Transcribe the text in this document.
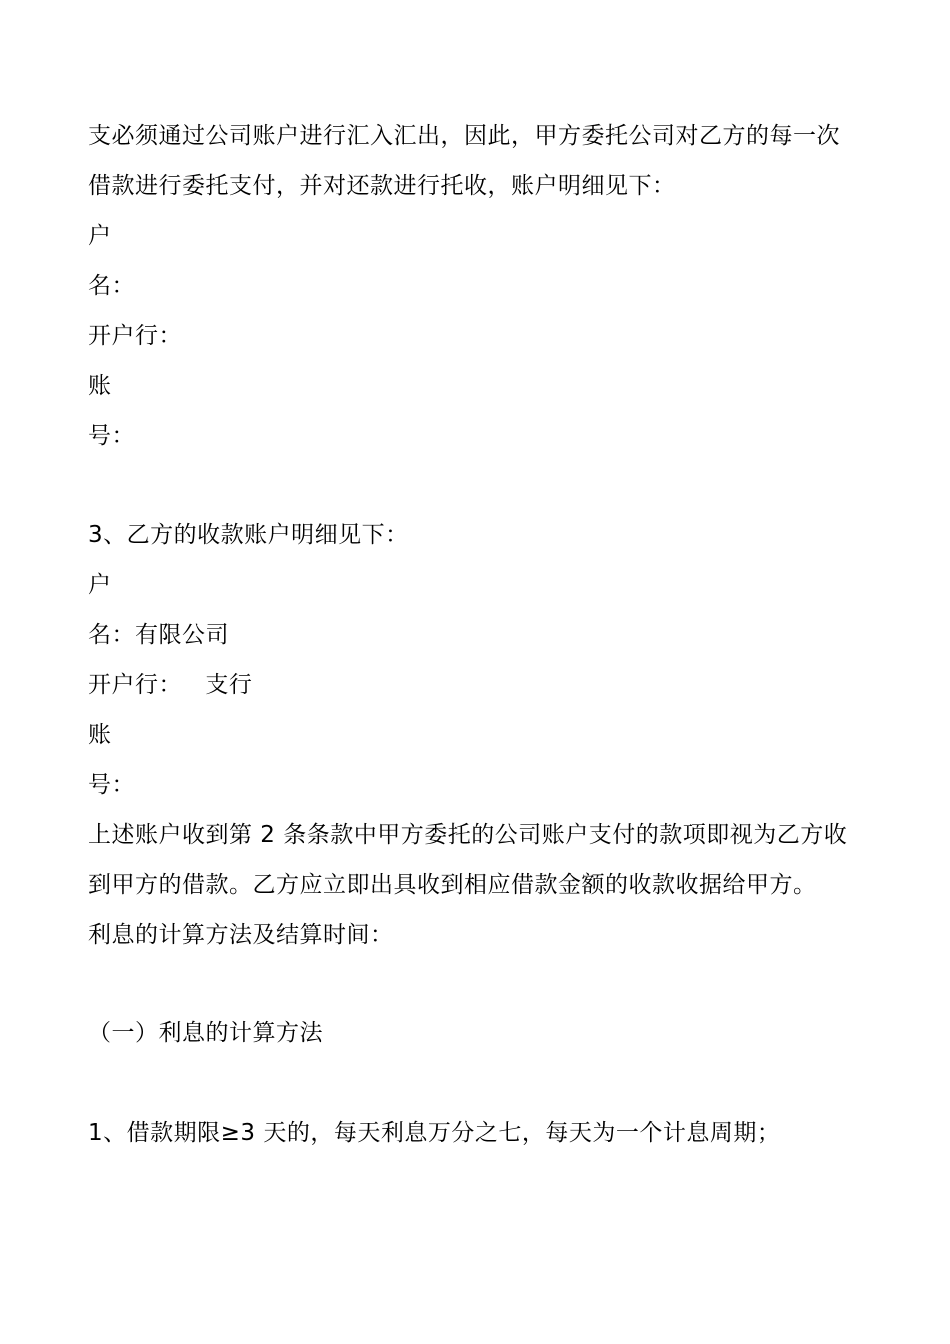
支必须通过公司账户进行汇入汇出，因此，甲方委托公司对乙方的每一次
借款进行委托支付，并对还款进行托收，账户明细见下：
户
名：
开户行：
账
号：
3、乙方的收款账户明细见下：
户
名：有限公司
开户行：   支行
账
号：
上述账户收到第 2 条条款中甲方委托的公司账户支付的款项即视为乙方收
到甲方的借款。乙方应立即出具收到相应借款金额的收款收据给甲方。
利息的计算方法及结算时间：
（一）利息的计算方法
1、借款期限≥3 天的，每天利息万分之七，每天为一个计息周期；
